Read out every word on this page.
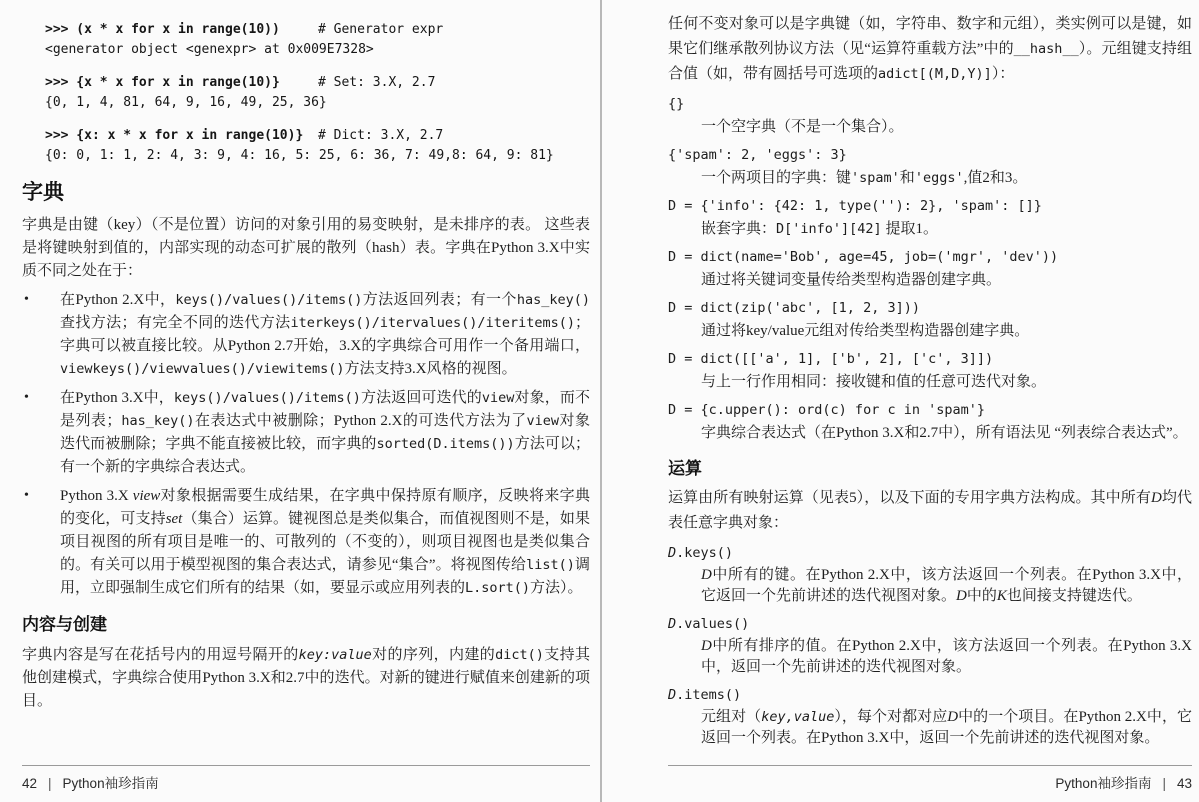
>>> (x * x for x in range(10))	# Generator expr
<generator object <genexpr> at 0x009E7328>
>>> {x * x for x in range(10)}	# Set: 3.X, 2.7
{0, 1, 4, 81, 64, 9, 16, 49, 25, 36}
>>> {x: x * x for x in range(10)} # Dict: 3.X, 2.7
{0: 0, 1: 1, 2: 4, 3: 9, 4: 16, 5: 25, 6: 36, 7: 49,8: 64, 9: 81}
字典
字典是由键（key）（不是位置）访问的对象引用的易变映射，是未排序的表。 这些表是将键映射到值的，内部实现的动态可扩展的散列（hash）表。字典在Python 3.X中实质不同之处在于：
• 在Python 2.X中，keys()/values()/items()方法返回列表；有一个has_key()查找方法；有完全不同的迭代方法iterkeys()/itervalues()/iteritems()；字典可以被直接比较。从Python 2.7开始，3.X的字典综合可用作一个备用端口，viewkeys()/viewvalues()/viewitems()方法支持3.X风格的视图。
• 在Python 3.X中，keys()/values()/items()方法返回可迭代的view对象，而不是列表；has_key()在表达式中被删除；Python 2.X的可迭代方法为了view对象迭代而被删除；字典不能直接被比较，而字典的sorted(D.items())方法可以；有一个新的字典综合表达式。
• Python 3.X view对象根据需要生成结果，在字典中保持原有顺序，反映将来字典的变化，可支持set（集合）运算。键视图总是类似集合，而值视图则不是，如果项目视图的所有项目是唯一的、可散列的（不变的），则项目视图也是类似集合的。有关可以用于模型视图的集合表达式，请参见“集合”。将视图传给list()调用，立即强制生成它们所有的结果（如，要显示或应用列表的L.sort()方法）。
内容与创建
字典内容是写在花括号内的用逗号隔开的key:value对的序列，内建的dict()支持其他创建模式，字典综合使用Python 3.X和2.7中的迭代。对新的键进行赋值来创建新的项目。
42 | Python袖珍指南
任何不变对象可以是字典键（如，字符串、数字和元组），类实例可以是键，如果它们继承散列协议方法（见“运算符重载方法”中的__hash__）。元组键支持组合值（如，带有圆括号可选项的adict[(M,D,Y)]）：
{}
一个空字典（不是一个集合）。
{'spam': 2, 'eggs': 3}
一个两项目的字典：键'spam'和'eggs',值2和3。
D = {'info': {42: 1, type(''): 2}, 'spam': []}
嵌套字典：D['info'][42] 提取1。
D = dict(name='Bob', age=45, job=('mgr', 'dev'))
通过将关键词变量传给类型构造器创建字典。
D = dict(zip('abc', [1, 2, 3]))
通过将key/value元组对传给类型构造器创建字典。
D = dict([['a', 1], ['b', 2], ['c', 3]])
与上一行作用相同：接收键和值的任意可迭代对象。
D = {c.upper(): ord(c) for c in 'spam'}
字典综合表达式（在Python 3.X和2.7中），所有语法见 “列表综合表达式”。
运算
运算由所有映射运算（见表5），以及下面的专用字典方法构成。其中所有D均代表任意字典对象：
D.keys()
D中所有的键。在Python 2.X中，该方法返回一个列表。在Python 3.X中，它返回一个先前讲述的迭代视图对象。D中的K也间接支持键迭代。
D.values()
D中所有排序的值。在Python 2.X中，该方法返回一个列表。在Python 3.X中，返回一个先前讲述的迭代视图对象。
D.items()
元组对（key,value），每个对都对应D中的一个项目。在Python 2.X中，它返回一个列表。在Python 3.X中，返回一个先前讲述的迭代视图对象。
Python袖珍指南 | 43
